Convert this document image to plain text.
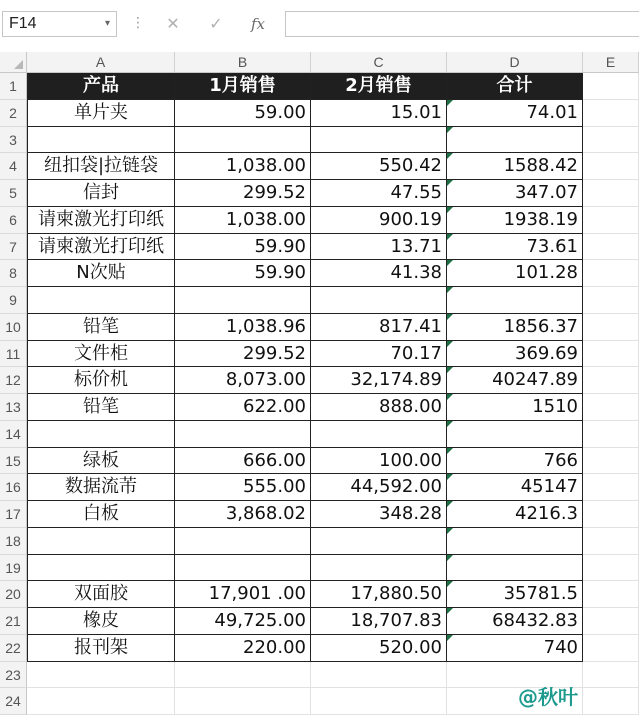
F14	▾ ⋮	✕	✓	fx
A	B	C	D	E
1
2
3
4
5
6
7
8
9
10
11
12
13
14
15
16
17
18
19
20
21
22
23
24
产品	1月销售	2月销售	合计
单片夹	59.00	15.01	74.01
纽扣袋|拉链袋	1,038.00	550.42	1588.42
信封	299.52	47.55	347.07
请柬激光打印纸	1,038.00	900.19	1938.19
请柬激光打印纸	59.90	13.71	73.61
N次贴	59.90	41.38	101.28
铅笔	1,038.96	817.41	1856.37
文件柜	299.52	70.17	369.69
标价机	8,073.00	32,174.89	40247.89
铅笔	622.00	888.00	1510
绿板	666.00	100.00	766
数据流芾	555.00	44,592.00	45147
白板	3,868.02	348.28	4216.3
双面胶	17,901 .00	17,880.50	35781.5
橡皮	49,725.00	18,707.83	68432.83
报刊架	220.00	520.00	740
@秋叶
